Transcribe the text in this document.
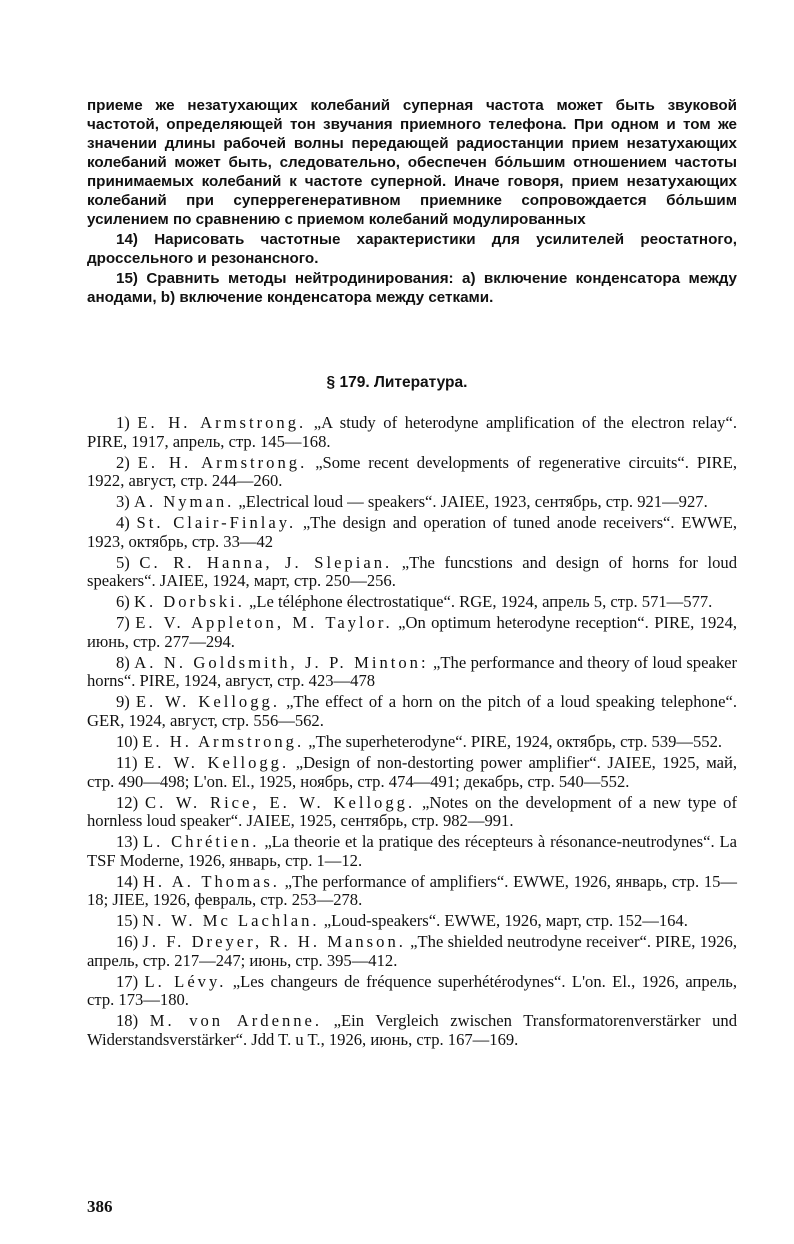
приеме же незатухающих колебаний суперная частота может быть звуковой частотой, определяющей тон звучания приемного телефона. При одном и том же значении длины рабочей волны передающей радиостанции прием незатухающих колебаний может быть, следовательно, обеспечен бо́льшим отношением частоты принимаемых колебаний к частоте суперной. Иначе говоря, прием незатухающих колебаний при суперрегенеративном приемнике сопровождается бо́льшим усилением по сравнению с приемом колебаний модулированных

14) Нарисовать частотные характеристики для усилителей реостатного, дроссельного и резонансного.

15) Сравнить методы нейтродинирования: a) включение конденсатора между анодами, b) включение конденсатора между сетками.

§ 179. Литература.

1) E. H. Armstrong. „A study of heterodyne amplification of the electron relay“. PIRE, 1917, апрель, стр. 145—168.

2) E. H. Armstrong. „Some recent developments of regenerative circuits“. PIRE, 1922, август, стр. 244—260.

3) A. Nyman. „Electrical loud — speakers“. JAIEE, 1923, сентябрь, стр. 921—927.

4) St. Clair-Finlay. „The design and operation of tuned anode receivers“. EWWE, 1923, октябрь, стр. 33—42

5) C. R. Hanna, J. Slepian. „The funcstions and design of horns for loud speakers“. JAIEE, 1924, март, стр. 250—256.

6) K. Dorbski. „Le téléphone électrostatique“. RGE, 1924, апрель 5, стр. 571—577.

7) E. V. Appleton, M. Taylor. „On optimum heterodyne reception“. PIRE, 1924, июнь, стр. 277—294.

8) A. N. Goldsmith, J. P. Minton: „The performance and theory of loud speaker horns“. PIRE, 1924, август, стр. 423—478

9) E. W. Kellogg. „The effect of a horn on the pitch of a loud speaking telephone“. GER, 1924, август, стр. 556—562.

10) E. H. Armstrong. „The superheterodyne“. PIRE, 1924, октябрь, стр. 539—552.

11) E. W. Kellogg. „Design of non-destorting power amplifier“. JAIEE, 1925, май, стр. 490—498; L'on. El., 1925, ноябрь, стр. 474—491; декабрь, стр. 540—552.

12) C. W. Rice, E. W. Kellogg. „Notes on the development of a new type of hornless loud speaker“. JAIEE, 1925, сентябрь, стр. 982—991.

13) L. Chrétien. „La theorie et la pratique des récepteurs à résonance-neutrodynes“. La TSF Moderne, 1926, январь, стр. 1—12.

14) H. A. Thomas. „The performance of amplifiers“. EWWE, 1926, январь, стр. 15—18; JIEE, 1926, февраль, стр. 253—278.

15) N. W. Mc Lachlan. „Loud-speakers“. EWWE, 1926, март, стр. 152—164.

16) J. F. Dreyer, R. H. Manson. „The shielded neutrodyne receiver“. PIRE, 1926, апрель, стр. 217—247; июнь, стр. 395—412.

17) L. Lévy. „Les changeurs de fréquence superhétérodynes“. L'on. El., 1926, апрель, стр. 173—180.

18) M. von Ardenne. „Ein Vergleich zwischen Transformatorenverstärker und Widerstandsverstärker“. Jdd T. u T., 1926, июнь, стр. 167—169.

386
